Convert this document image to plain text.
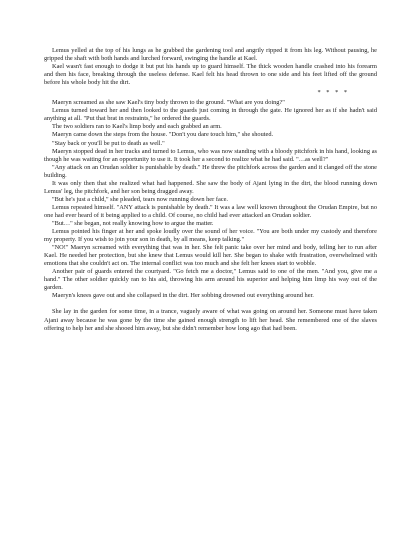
Lemus yelled at the top of his lungs as he grabbed the gardening tool and angrily ripped it from his leg. Without pausing, he gripped the shaft with both hands and lurched forward, swinging the handle at Kael.

Kael wasn't fast enough to dodge it but put his hands up to guard himself. The thick wooden handle crashed into his forearm and then his face, breaking through the useless defense. Kael felt his head thrown to one side and his feet lifted off the ground before his whole body hit the dirt.

* * * *

Maeryn screamed as she saw Kael's tiny body thrown to the ground. "What are you doing?"

Lemus turned toward her and then looked to the guards just coming in through the gate. He ignored her as if she hadn't said anything at all. "Put that brat in restraints," he ordered the guards.

The two soldiers ran to Kael's limp body and each grabbed an arm.

Maeryn came down the steps from the house. "Don't you dare touch him," she shouted.

"Stay back or you'll be put to death as well."

Maeryn stopped dead in her tracks and turned to Lemus, who was now standing with a bloody pitchfork in his hand, looking as though he was waiting for an opportunity to use it. It took her a second to realize what he had said. "…as well?"

"Any attack on an Orudan soldier is punishable by death." He threw the pitchfork across the garden and it clanged off the stone building.

It was only then that she realized what had happened. She saw the body of Ajani lying in the dirt, the blood running down Lemus' leg, the pitchfork, and her son being dragged away.

"But he's just a child," she pleaded, tears now running down her face.

Lemus repeated himself. "ANY attack is punishable by death." It was a law well known throughout the Orudan Empire, but no one had ever heard of it being applied to a child. Of course, no child had ever attacked an Orudan soldier.

"But…" she began, not really knowing how to argue the matter.

Lemus pointed his finger at her and spoke loudly over the sound of her voice. "You are both under my custody and therefore my property. If you wish to join your son in death, by all means, keep talking."

"NO!" Maeryn screamed with everything that was in her. She felt panic take over her mind and body, telling her to run after Kael. He needed her protection, but she knew that Lemus would kill her. She began to shake with frustration, overwhelmed with emotions that she couldn't act on. The internal conflict was too much and she felt her knees start to wobble.

Another pair of guards entered the courtyard. "Go fetch me a doctor," Lemus said to one of the men. "And you, give me a hand." The other soldier quickly ran to his aid, throwing his arm around his superior and helping him limp his way out of the garden.

Maeryn's knees gave out and she collapsed in the dirt. Her sobbing drowned out everything around her.

She lay in the garden for some time, in a trance, vaguely aware of what was going on around her. Someone must have taken Ajani away because he was gone by the time she gained enough strength to lift her head. She remembered one of the slaves offering to help her and she shooed him away, but she didn't remember how long ago that had been.
